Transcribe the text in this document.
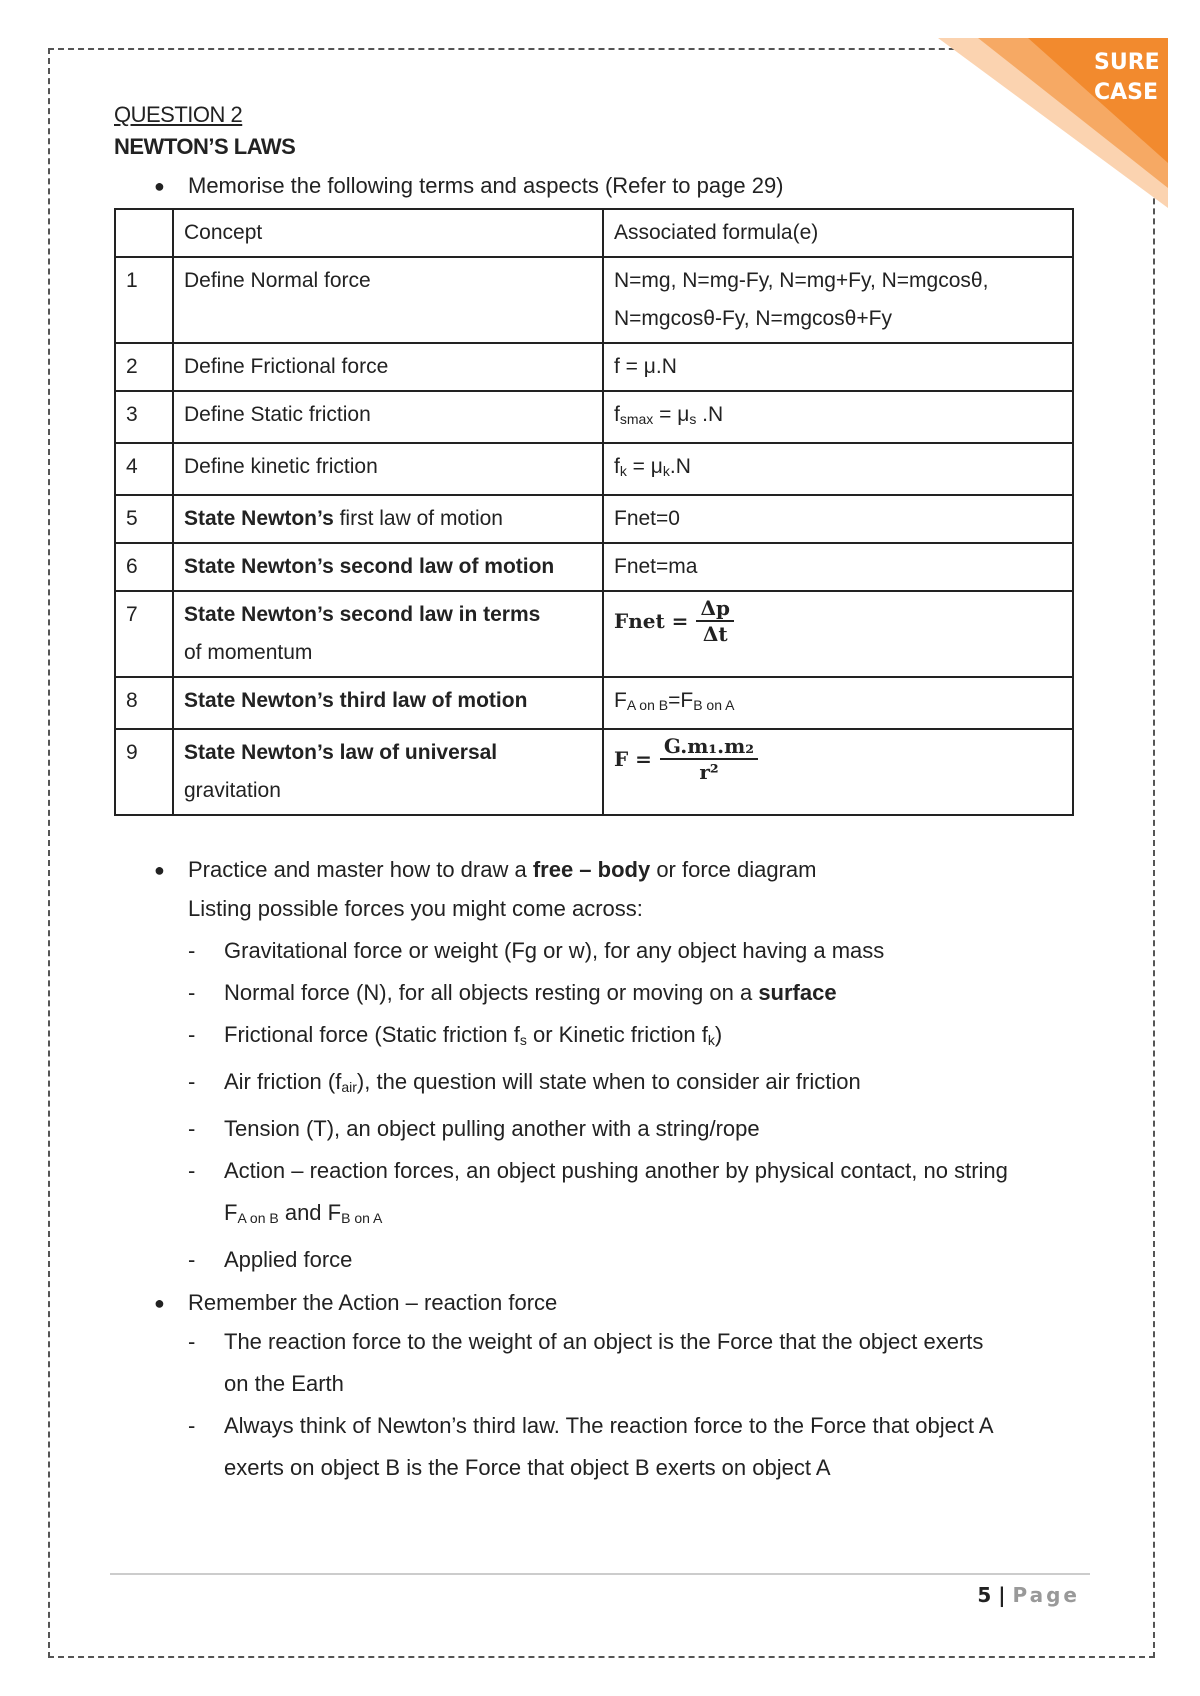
SURE
CASE
QUESTION 2
NEWTON’S LAWS

● Memorise the following terms and aspects (Refer to page 29)

	Concept	Associated formula(e)
1	Define Normal force	N=mg, N=mg-Fy, N=mg+Fy, N=mgcosθ,
N=mgcosθ-Fy, N=mgcosθ+Fy
2	Define Frictional force	f = μ.N
3	Define Static friction	$f_{smax} = \mu_s$ .N
4	Define kinetic friction	$f_k = \mu_k.N$
5	State Newton’s first law of motion	Fnet=0
6	State Newton’s second law of motion	Fnet=ma
7	State Newton’s second law in terms
of momentum	Fnet = $\frac{\Delta p}{\Delta t}$

8	State Newton’s third law of motion	$F_{A on B}=F_{B on A}$
9	State Newton’s law of universal
gravitation	$F = \frac{\text{G.m₁.m₂}}{\text{r²}}$

● Practice and master how to draw a free – body or force diagram

Listing possible forces you might come across:

- Gravitational force or weight (Fg or w), for any object having a mass
- Normal force (N), for all objects resting or moving on a surface
- Frictional force (Static friction $f_s$ or Kinetic friction $f_k$)
- Air friction $(f_{air})$, the question will state when to consider air friction
- Tension (T), an object pulling another with a string/rope
- Action – reaction forces, an object pushing another by physical contact, no string
$F_{A on B}$ and $F_{B on A}$
- Applied force

● Remember the Action – reaction force

- The reaction force to the weight of an object is the Force that the object exerts
on the Earth
- Always think of Newton’s third law. The reaction force to the Force that object A
exerts on object B is the Force that object B exerts on object A
5 | Page
